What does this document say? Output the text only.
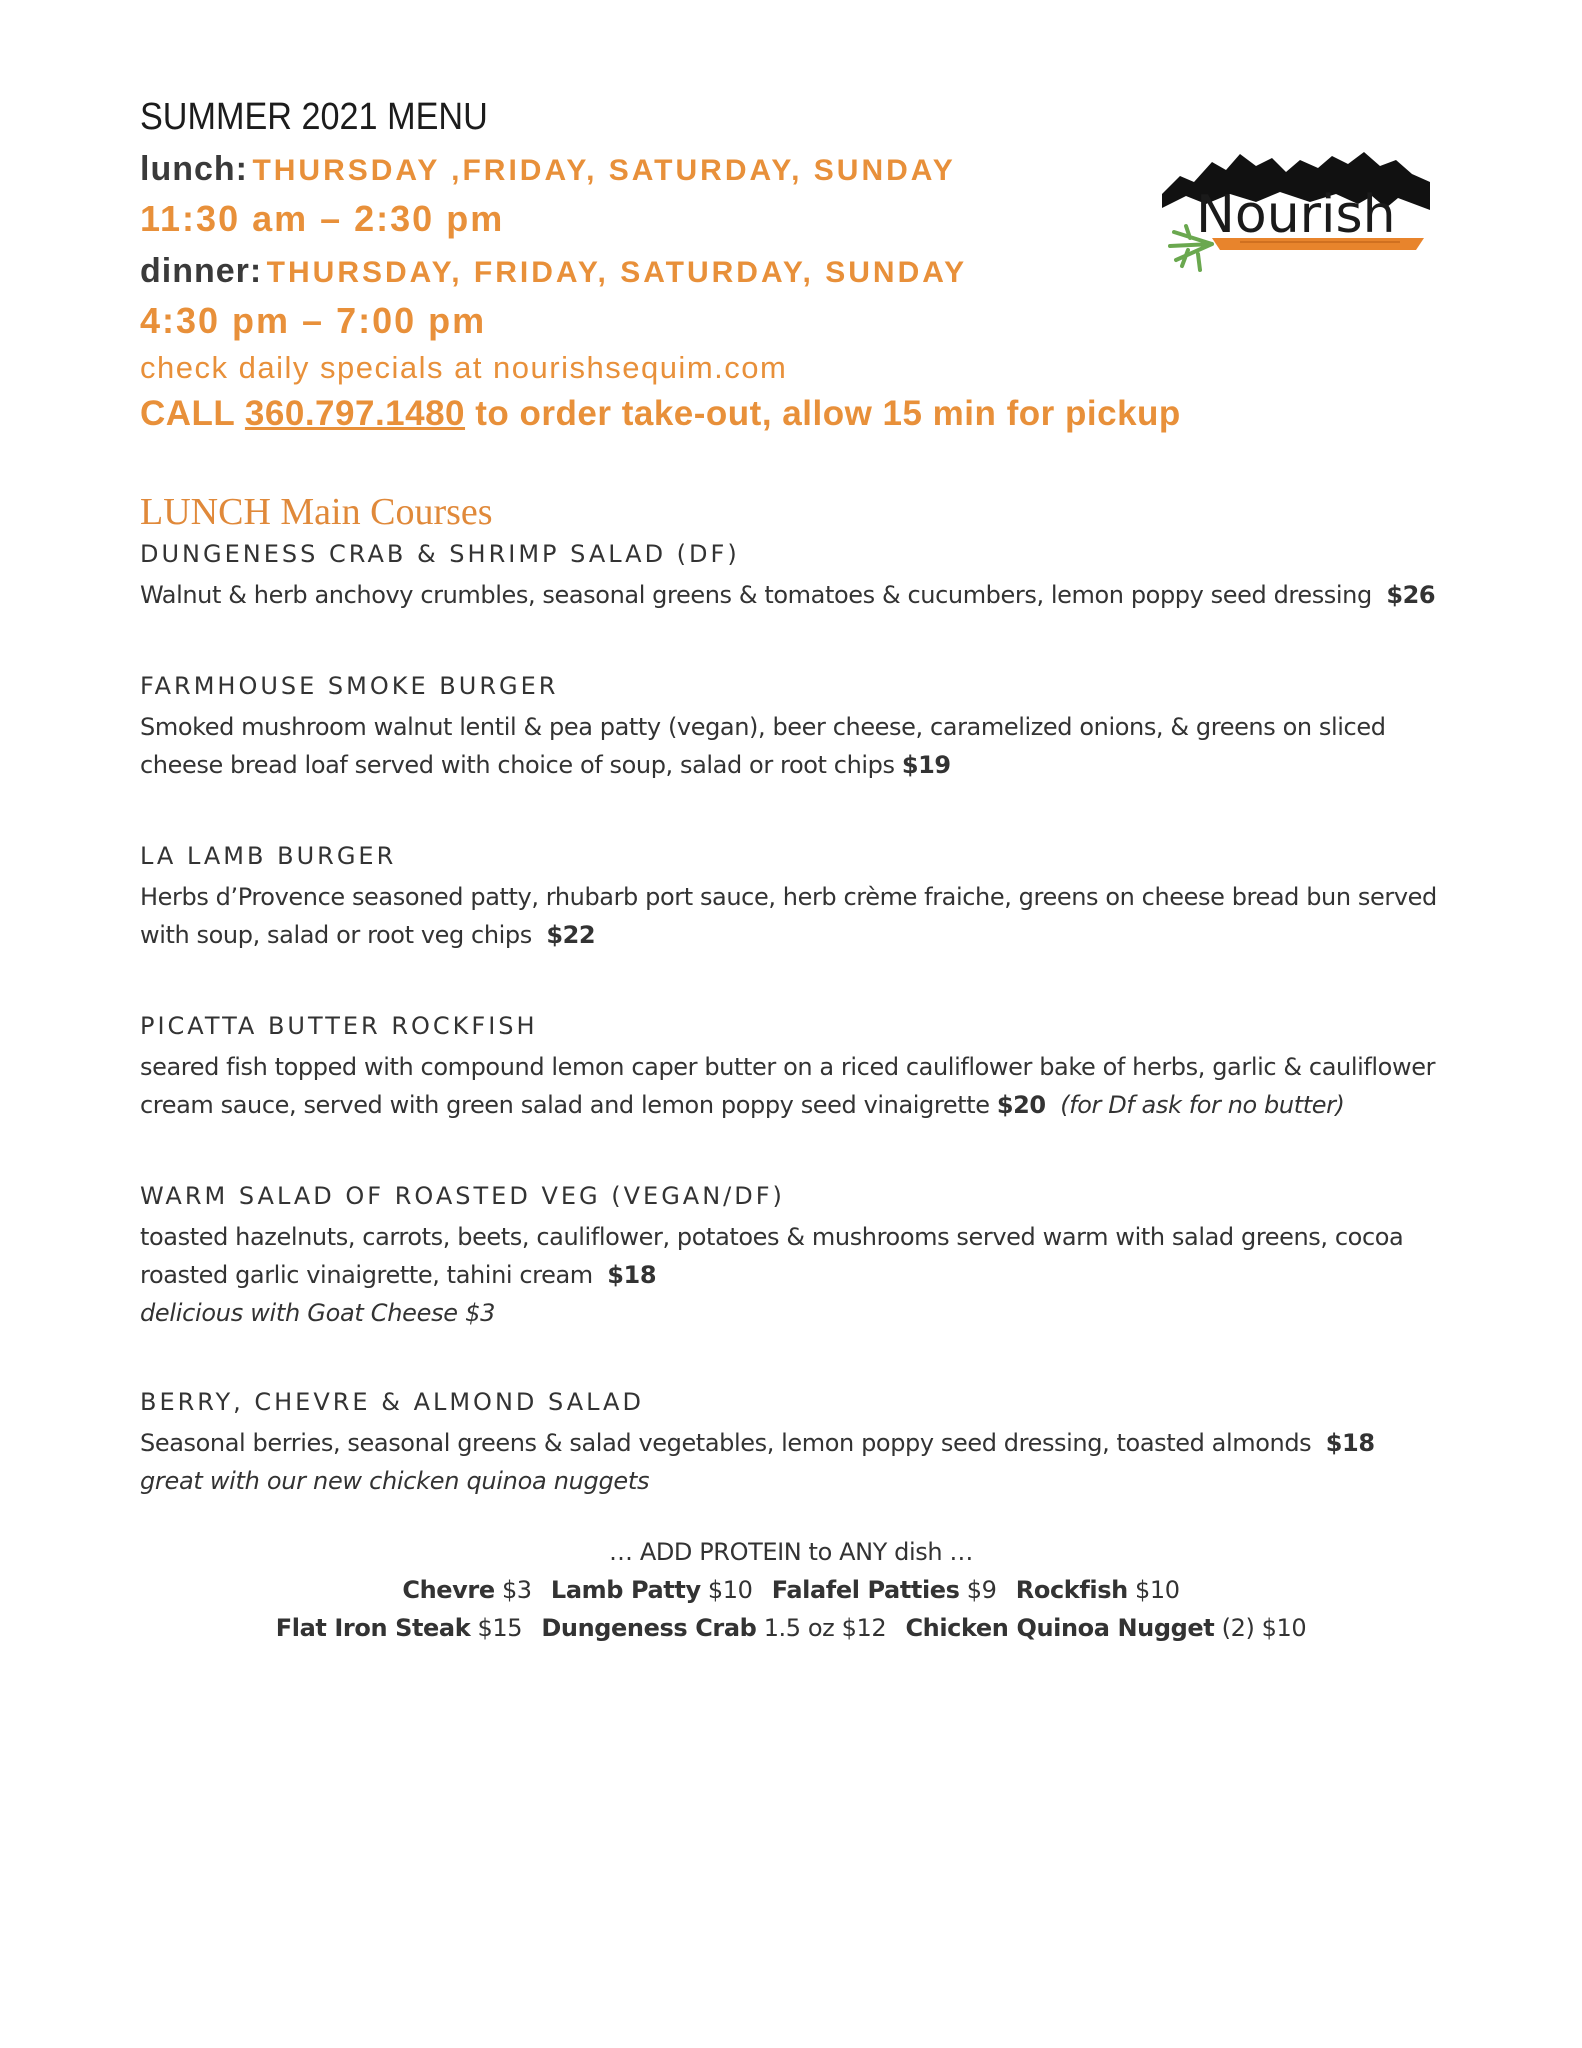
SUMMER 2021 MENU
lunch: THURSDAY ,FRIDAY, SATURDAY, SUNDAY
11:30 am – 2:30 pm
dinner: THURSDAY, FRIDAY, SATURDAY, SUNDAY
4:30 pm – 7:00 pm
check daily specials at nourishsequim.com
CALL 360.797.1480 to order take-out, allow 15 min for pickup
Nourish
LUNCH Main Courses
DUNGENESS CRAB & SHRIMP SALAD (DF)
Walnut & herb anchovy crumbles, seasonal greens & tomatoes & cucumbers, lemon poppy seed dressing $26
FARMHOUSE SMOKE BURGER
Smoked mushroom walnut lentil & pea patty (vegan), beer cheese, caramelized onions, & greens on sliced cheese bread loaf served with choice of soup, salad or root chips $19
LA LAMB BURGER
Herbs d’Provence seasoned patty, rhubarb port sauce, herb crème fraiche, greens on cheese bread bun served with soup, salad or root veg chips $22
PICATTA BUTTER ROCKFISH
seared fish topped with compound lemon caper butter on a riced cauliflower bake of herbs, garlic & cauliflower cream sauce, served with green salad and lemon poppy seed vinaigrette $20 (for Df ask for no butter)
WARM SALAD OF ROASTED VEG (VEGAN/DF)
toasted hazelnuts, carrots, beets, cauliflower, potatoes & mushrooms served warm with salad greens, cocoa roasted garlic vinaigrette, tahini cream $18
delicious with Goat Cheese $3
BERRY, CHEVRE & ALMOND SALAD
Seasonal berries, seasonal greens & salad vegetables, lemon poppy seed dressing, toasted almonds $18
great with our new chicken quinoa nuggets
… ADD PROTEIN to ANY dish …
Chevre $3 Lamb Patty $10 Falafel Patties $9 Rockfish $10
Flat Iron Steak $15 Dungeness Crab 1.5 oz $12 Chicken Quinoa Nugget (2) $10
